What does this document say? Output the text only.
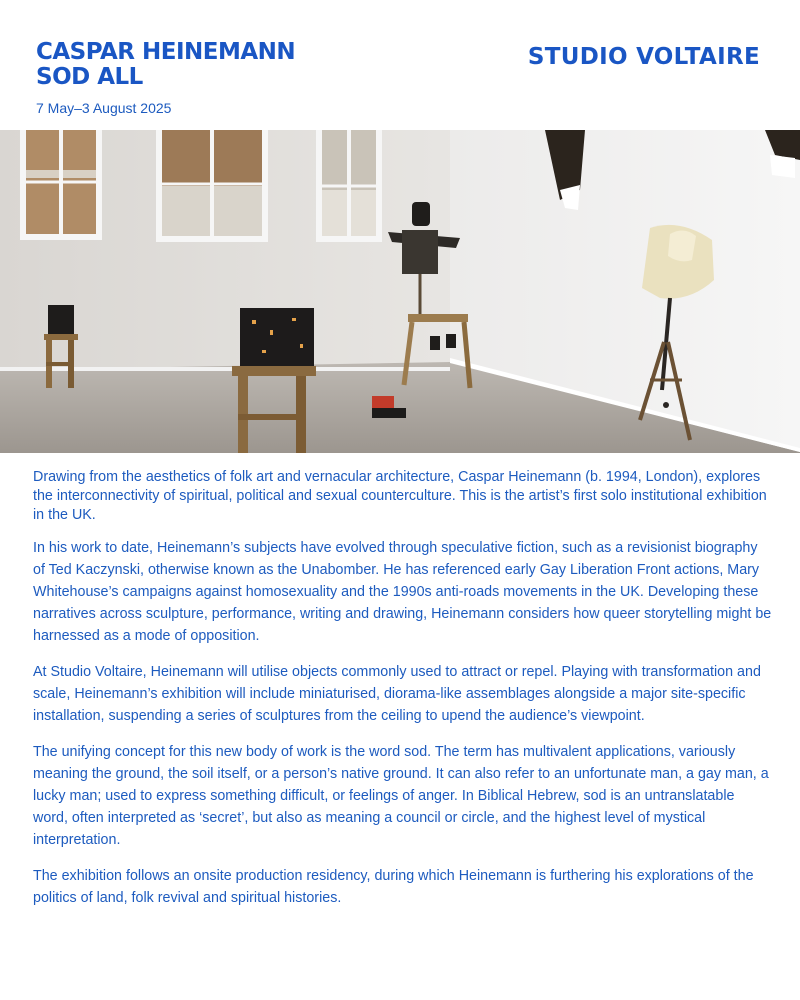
CASPAR HEINEMANN
SOD ALL
7 May–3 August 2025
STUDIO VOLTAIRE

Drawing from the aesthetics of folk art and vernacular architecture, Caspar Heinemann (b. 1994, London), explores the interconnectivity of spiritual, political and sexual counterculture. This is the artist’s first solo institutional exhibition in the UK.

In his work to date, Heinemann’s subjects have evolved through speculative fiction, such as a revisionist biography of Ted Kaczynski, otherwise known as the Unabomber. He has referenced early Gay Liberation Front actions, Mary Whitehouse’s campaigns against homosexuality and the 1990s anti-roads movements in the UK. Developing these narratives across sculpture, performance, writing and drawing, Heinemann considers how queer storytelling might be harnessed as a mode of opposition.

At Studio Voltaire, Heinemann will utilise objects commonly used to attract or repel. Playing with transformation and scale, Heinemann’s exhibition will include miniaturised, diorama-like assemblages alongside a major site-specific installation, suspending a series of sculptures from the ceiling to upend the audience’s viewpoint.

The unifying concept for this new body of work is the word sod. The term has multivalent applications, variously meaning the ground, the soil itself, or a person’s native ground. It can also refer to an unfortunate man, a gay man, a lucky man; used to express something difficult, or feelings of anger. In Biblical Hebrew, sod is an untranslatable word, often interpreted as ‘secret’, but also as meaning a council or circle, and the highest level of mystical interpretation.

The exhibition follows an onsite production residency, during which Heinemann is furthering his explorations of the politics of land, folk revival and spiritual histories.
